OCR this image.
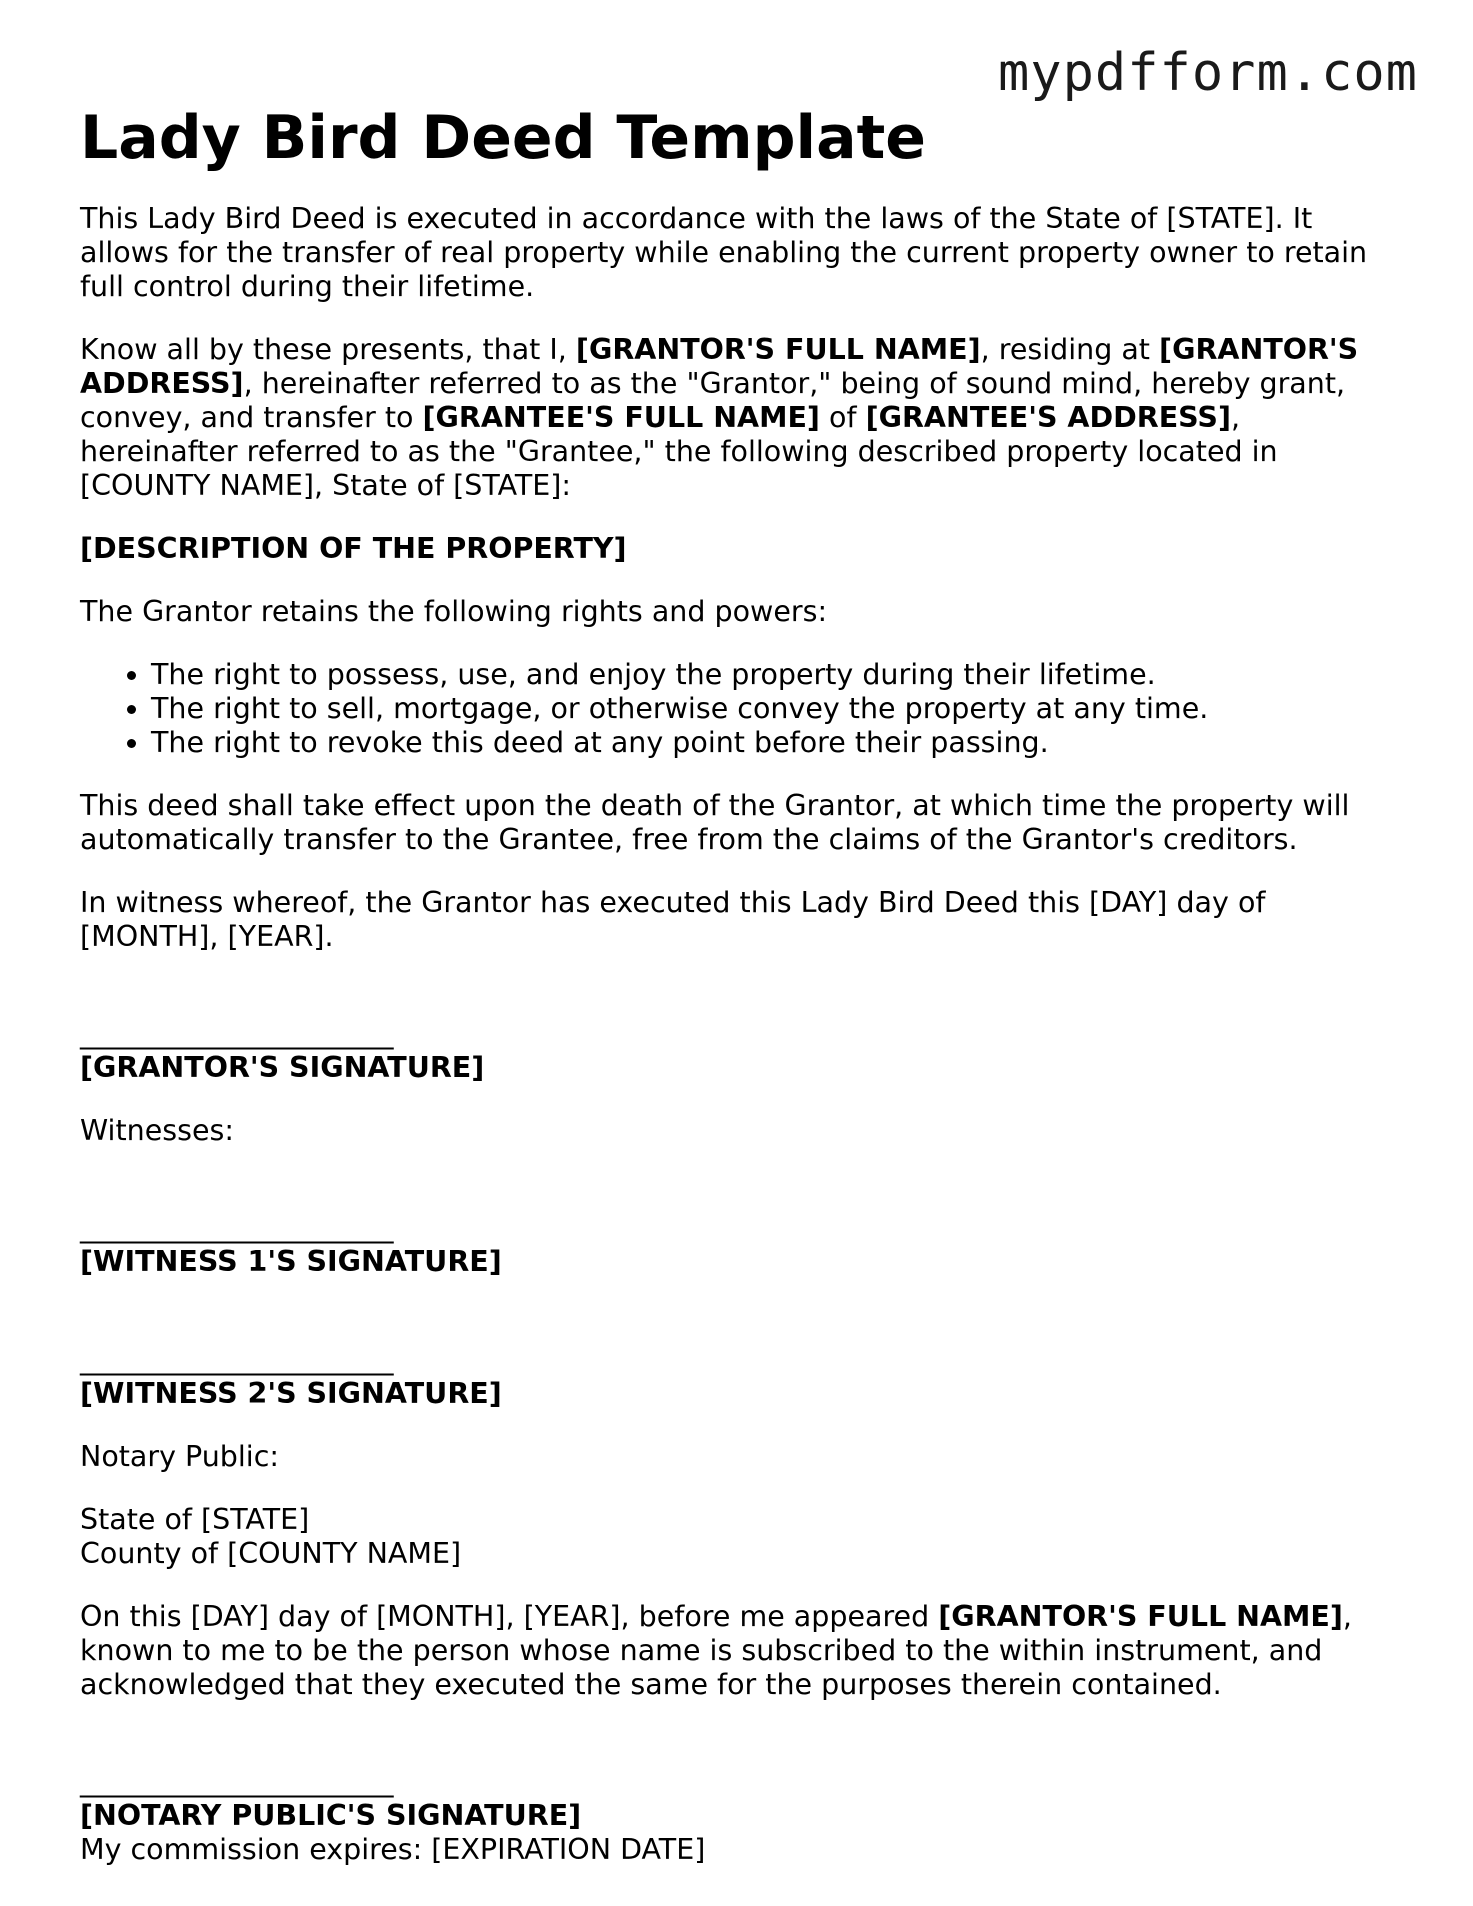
mypdfform.com
Lady Bird Deed Template

This Lady Bird Deed is executed in accordance with the laws of the State of [STATE]. It allows for the transfer of real property while enabling the current property owner to retain full control during their lifetime.

Know all by these presents, that I, [GRANTOR'S FULL NAME], residing at [GRANTOR'S ADDRESS], hereinafter referred to as the "Grantor," being of sound mind, hereby grant, convey, and transfer to [GRANTEE'S FULL NAME] of [GRANTEE'S ADDRESS], hereinafter referred to as the "Grantee," the following described property located in [COUNTY NAME], State of [STATE]:

[DESCRIPTION OF THE PROPERTY]

The Grantor retains the following rights and powers:

• The right to possess, use, and enjoy the property during their lifetime.
• The right to sell, mortgage, or otherwise convey the property at any time.
• The right to revoke this deed at any point before their passing.

This deed shall take effect upon the death of the Grantor, at which time the property will automatically transfer to the Grantee, free from the claims of the Grantor's creditors.

In witness whereof, the Grantor has executed this Lady Bird Deed this [DAY] day of [MONTH], [YEAR].

______________________
[GRANTOR'S SIGNATURE]

Witnesses:

______________________
[WITNESS 1'S SIGNATURE]
______________________
[WITNESS 2'S SIGNATURE]

Notary Public:

State of [STATE]
County of [COUNTY NAME]

On this [DAY] day of [MONTH], [YEAR], before me appeared [GRANTOR'S FULL NAME], known to me to be the person whose name is subscribed to the within instrument, and acknowledged that they executed the same for the purposes therein contained.

______________________
[NOTARY PUBLIC'S SIGNATURE]
My commission expires: [EXPIRATION DATE]
